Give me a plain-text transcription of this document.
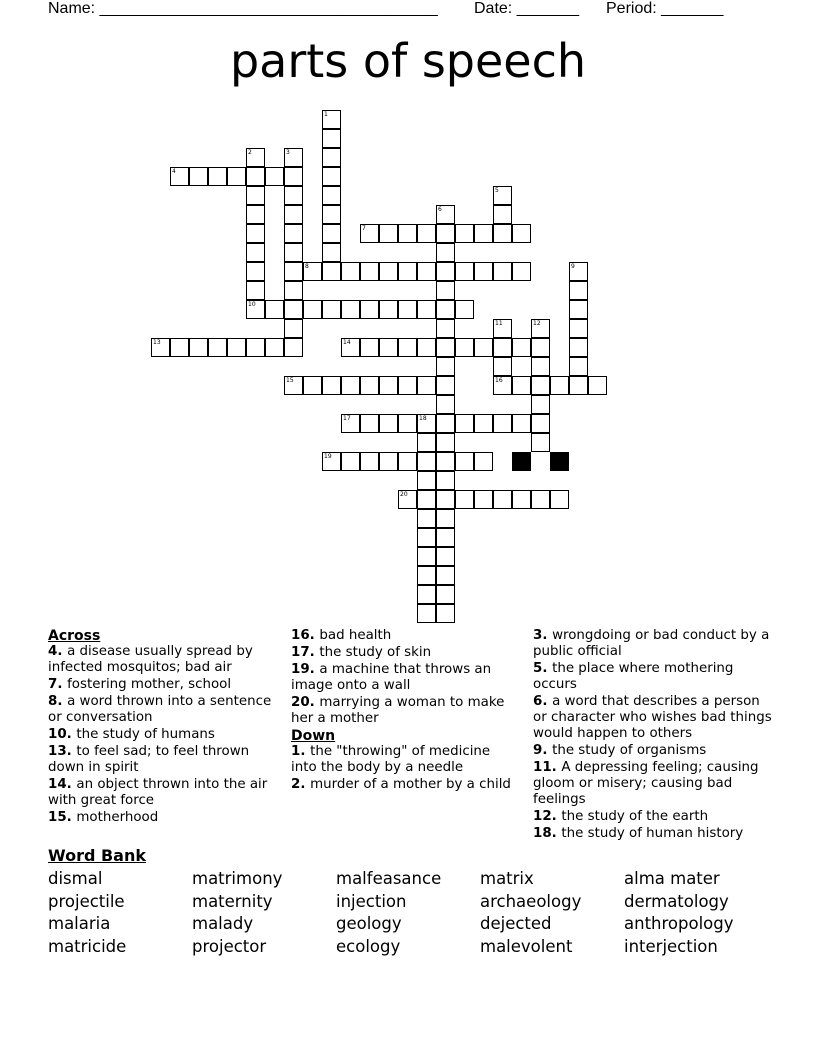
Name: ______________________________________ Date: _______ Period: _______
parts of speech
1
2
10
3
4
5
6
7
8	9
11	12
13	14
15	16
17	18
19
20
Across
4. a disease usually spread by infected mosquitos; bad air
7. fostering mother, school
8. a word thrown into a sentence or conversation
10. the study of humans
13. to feel sad; to feel thrown down in spirit
14. an object thrown into the air with great force
15. motherhood
16. bad health
17. the study of skin
19. a machine that throws an image onto a wall
20. marrying a woman to make her a mother
Down
1. the "throwing" of medicine into the body by a needle
2. murder of a mother by a child
3. wrongdoing or bad conduct by a public official
5. the place where mothering occurs
6. a word that describes a person or character who wishes bad things would happen to others
9. the study of organisms
11. A depressing feeling; causing gloom or misery; causing bad feelings
12. the study of the earth
18. the study of human history
Word Bank
dismal	matrimony	malfeasance	matrix	alma mater
projectile	maternity	injection	archaeology	dermatology
malaria	malady	geology	dejected	anthropology
matricide	projector	ecology	malevolent	interjection
